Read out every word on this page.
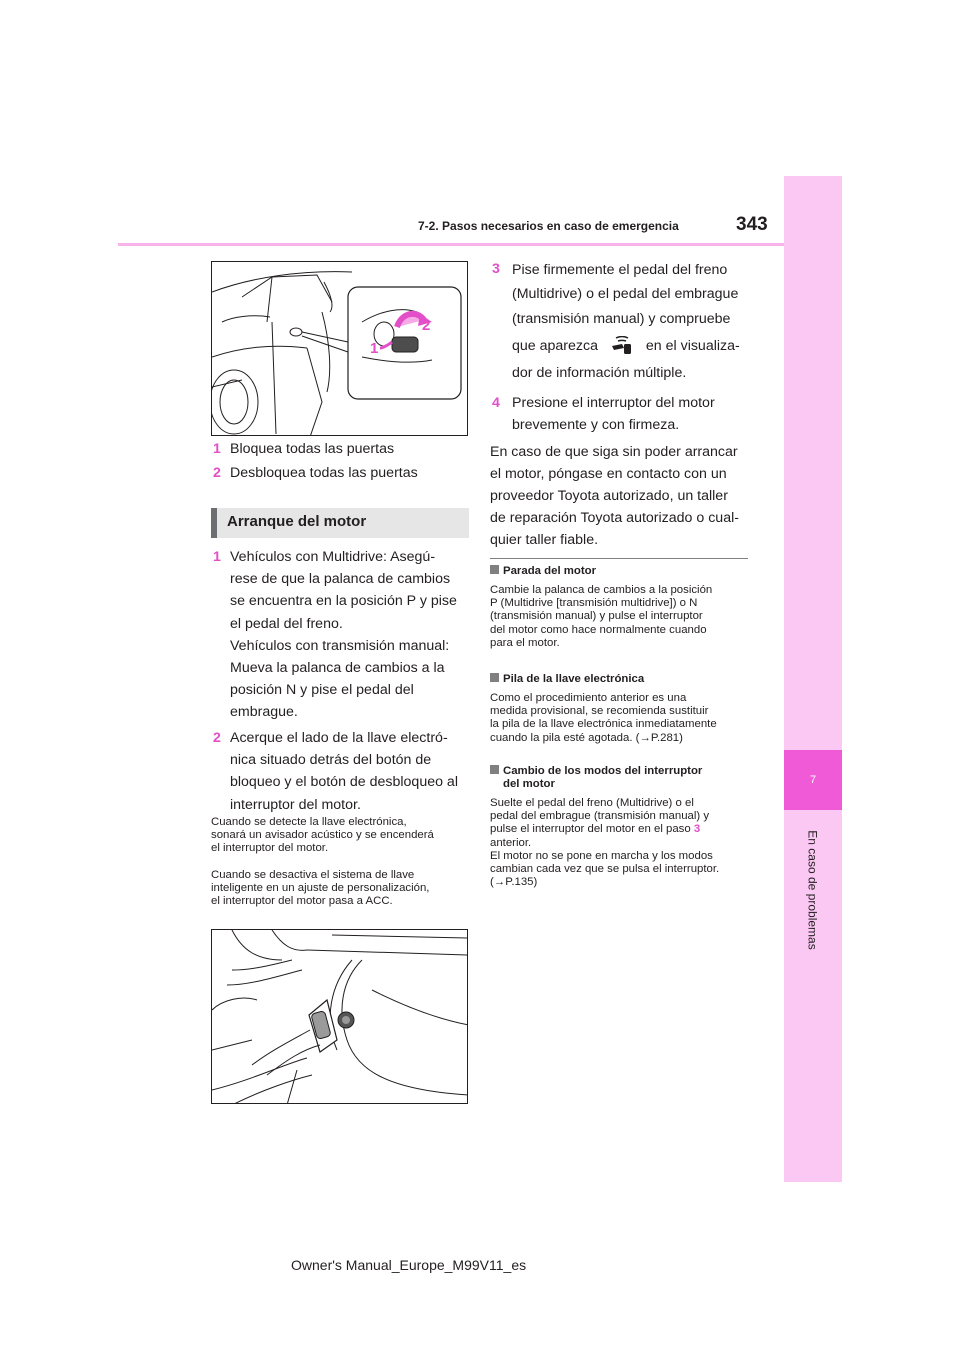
7
En caso de problemas
7-2. Pasos necesarios en caso de emergencia	343
1
2
1 Bloquea todas las puertas
2 Desbloquea todas las puertas
Arranque del motor
1 Vehículos con Multidrive: Asegú-
rese de que la palanca de cambios
se encuentra en la posición P y pise
el pedal del freno.
Vehículos con transmisión manual:
Mueva la palanca de cambios a la
posición N y pise el pedal del
embrague.
2 Acerque el lado de la llave electró-
nica situado detrás del botón de
bloqueo y el botón de desbloqueo al
interruptor del motor.
Cuando se detecte la llave electrónica,
sonará un avisador acústico y se encenderá
el interruptor del motor.
Cuando se desactiva el sistema de llave
inteligente en un ajuste de personalización,
el interruptor del motor pasa a ACC.
3 Pise firmemente el pedal del freno
(Multidrive) o el pedal del embrague
(transmisión manual) y compruebe
que aparezca	en el visualiza-
dor de información múltiple.
4 Presione el interruptor del motor
brevemente y con firmeza.
En caso de que siga sin poder arrancar
el motor, póngase en contacto con un
proveedor Toyota autorizado, un taller
de reparación Toyota autorizado o cual-
quier taller fiable.
Parada del motor
Cambie la palanca de cambios a la posición
P (Multidrive [transmisión multidrive]) o N
(transmisión manual) y pulse el interruptor
del motor como hace normalmente cuando
para el motor.
Pila de la llave electrónica
Como el procedimiento anterior es una
medida provisional, se recomienda sustituir
la pila de la llave electrónica inmediatamente
cuando la pila esté agotada. (→P.281)
Cambio de los modos del interruptor
del motor
Suelte el pedal del freno (Multidrive) o el
pedal del embrague (transmisión manual) y
pulse el interruptor del motor en el paso 3
anterior.
El motor no se pone en marcha y los modos
cambian cada vez que se pulsa el interruptor.
(→P.135)
Owner's Manual_Europe_M99V11_es
